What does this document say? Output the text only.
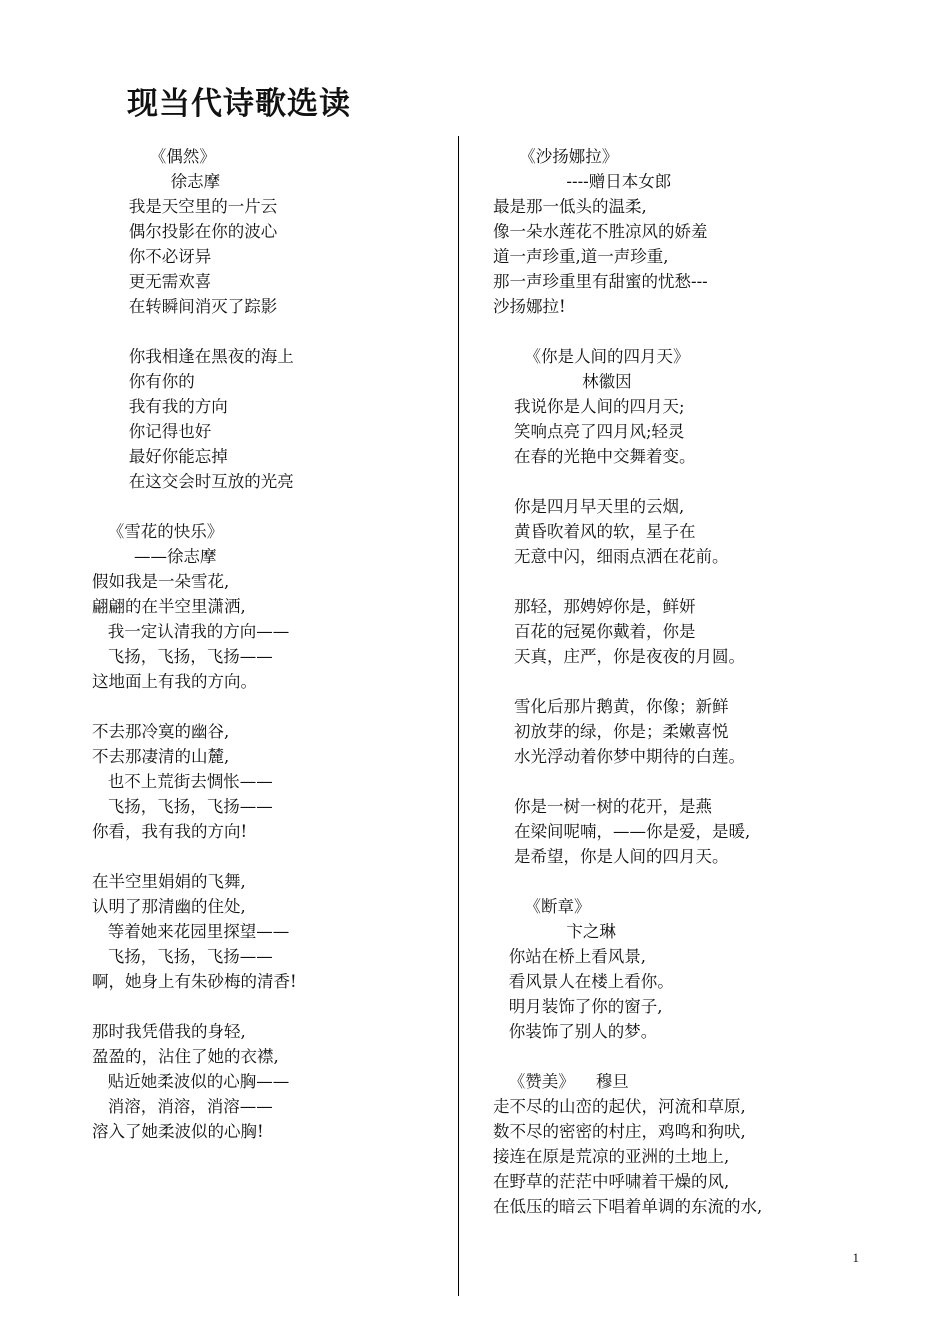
现当代诗歌选读
《偶然》
徐志摩
我是天空里的一片云
偶尔投影在你的波心
你不必讶异
更无需欢喜
在转瞬间消灭了踪影
你我相逢在黑夜的海上
你有你的
我有我的方向
你记得也好
最好你能忘掉
在这交会时互放的光亮
《雪花的快乐》
——徐志摩
假如我是一朵雪花,
翩翩的在半空里潇洒,
我一定认清我的方向——
飞扬，飞扬，飞扬——
这地面上有我的方向。
不去那冷寞的幽谷,
不去那凄清的山麓,
也不上荒街去惆怅——
飞扬，飞扬，飞扬——
你看，我有我的方向!
在半空里娟娟的飞舞,
认明了那清幽的住处,
等着她来花园里探望——
飞扬，飞扬，飞扬——
啊，她身上有朱砂梅的清香!
那时我凭借我的身轻,
盈盈的，沾住了她的衣襟,
贴近她柔波似的心胸——
消溶，消溶，消溶——
溶入了她柔波似的心胸!
《沙扬娜拉》
----赠日本女郎
最是那一低头的温柔,
像一朵水莲花不胜凉风的娇羞
道一声珍重,道一声珍重,
那一声珍重里有甜蜜的忧愁---
沙扬娜拉!
《你是人间的四月天》
林徽因
我说你是人间的四月天;
笑响点亮了四月风;轻灵
在春的光艳中交舞着变。
你是四月早天里的云烟,
黄昏吹着风的软，星子在
无意中闪，细雨点洒在花前。
那轻，那娉婷你是，鲜妍
百花的冠冕你戴着，你是
天真，庄严，你是夜夜的月圆。
雪化后那片鹅黄，你像；新鲜
初放芽的绿，你是；柔嫩喜悦
水光浮动着你梦中期待的白莲。
你是一树一树的花开，是燕
在梁间呢喃，——你是爱，是暖,
是希望，你是人间的四月天。
《断章》
卞之琳
你站在桥上看风景,
看风景人在楼上看你。
明月装饰了你的窗子,
你装饰了别人的梦。
《赞美》    穆旦
走不尽的山峦的起伏，河流和草原,
数不尽的密密的村庄，鸡鸣和狗吠,
接连在原是荒凉的亚洲的土地上,
在野草的茫茫中呼啸着干燥的风,
在低压的暗云下唱着单调的东流的水,
1
